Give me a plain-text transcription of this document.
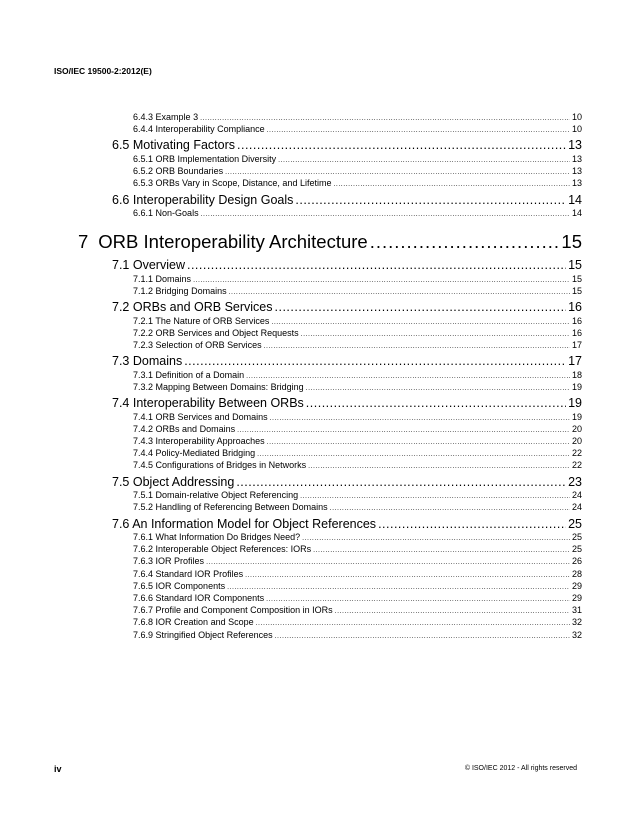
ISO/IEC 19500-2:2012(E)
6.4.3 Example 3 .....	10
6.4.4 Interoperability Compliance .....	10
6.5 Motivating Factors .....	13
6.5.1 ORB Implementation Diversity .....	13
6.5.2 ORB Boundaries .....	13
6.5.3 ORBs Vary in Scope, Distance, and Lifetime .....	13
6.6 Interoperability Design Goals .....	14
6.6.1 Non-Goals .....	14
7 ORB Interoperability Architecture .....	15
7.1 Overview .....	15
7.1.1 Domains .....	15
7.1.2 Bridging Domains .....	15
7.2 ORBs and ORB Services .....	16
7.2.1 The Nature of ORB Services .....	16
7.2.2 ORB Services and Object Requests .....	16
7.2.3 Selection of ORB Services .....	17
7.3 Domains .....	17
7.3.1 Definition of a Domain .....	18
7.3.2 Mapping Between Domains: Bridging .....	19
7.4 Interoperability Between ORBs .....	19
7.4.1 ORB Services and Domains .....	19
7.4.2 ORBs and Domains .....	20
7.4.3 Interoperability Approaches .....	20
7.4.4 Policy-Mediated Bridging .....	22
7.4.5 Configurations of Bridges in Networks .....	22
7.5 Object Addressing .....	23
7.5.1 Domain-relative Object Referencing .....	24
7.5.2 Handling of Referencing Between Domains .....	24
7.6 An Information Model for Object References .....	25
7.6.1 What Information Do Bridges Need? .....	25
7.6.2 Interoperable Object References: IORs .....	25
7.6.3 IOR Profiles .....	26
7.6.4 Standard IOR Profiles .....	28
7.6.5 IOR Components .....	29
7.6.6 Standard IOR Components .....	29
7.6.7 Profile and Component Composition in IORs .....	31
7.6.8 IOR Creation and Scope .....	32
7.6.9 Stringified Object References .....	32
iv	© ISO/IEC 2012 - All rights reserved
